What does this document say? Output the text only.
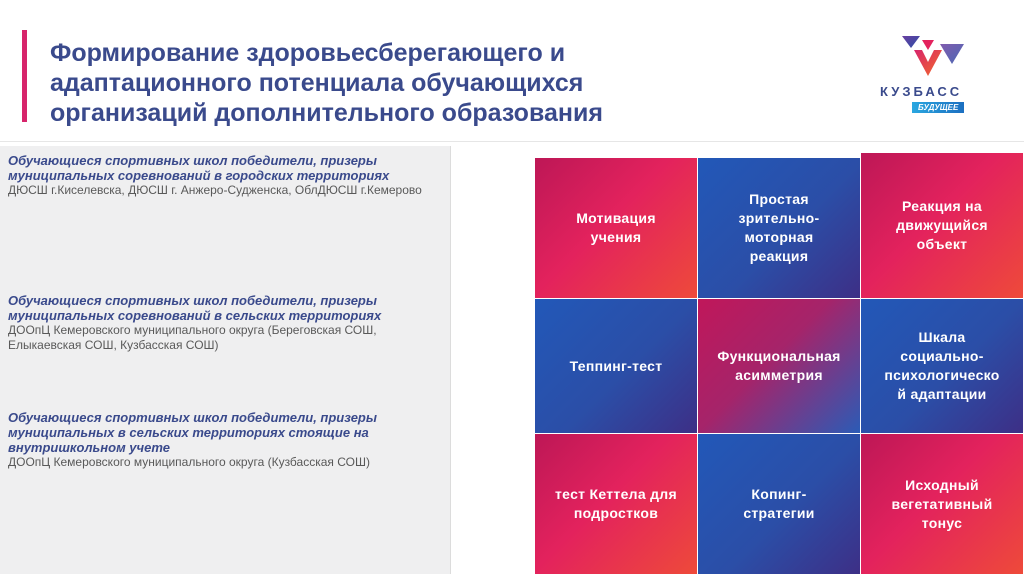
Формирование здоровьесберегающего и
адаптационного потенциала обучающихся
организаций дополнительного образования
КУЗБАСС
БУДУЩЕЕ
Обучающиеся спортивных школ победители, призеры муниципальных соревнований в городских территориях
ДЮСШ г.Киселевска, ДЮСШ г. Анжеро-Судженска, ОблДЮСШ г.Кемерово
Обучающиеся спортивных школ победители, призеры муниципальных соревнований в сельских территориях
ДООпЦ Кемеровского муниципального округа (Береговская СОШ, Елыкаевская СОШ, Кузбасская СОШ)
Обучающиеся спортивных школ победители, призеры муниципальных в сельских территориях стоящие на внутришкольном учете
ДООпЦ Кемеровского муниципального округа (Кузбасская СОШ)
Мотивация
учения
Простая
зрительно-
моторная
реакция
Реакция на
движущийся
объект
Теппинг-тест
Функциональная
асимметрия
Шкала
социально-
психологическо
й адаптации
тест Кеттела для
подростков
Копинг-
стратегии
Исходный
вегетативный
тонус
